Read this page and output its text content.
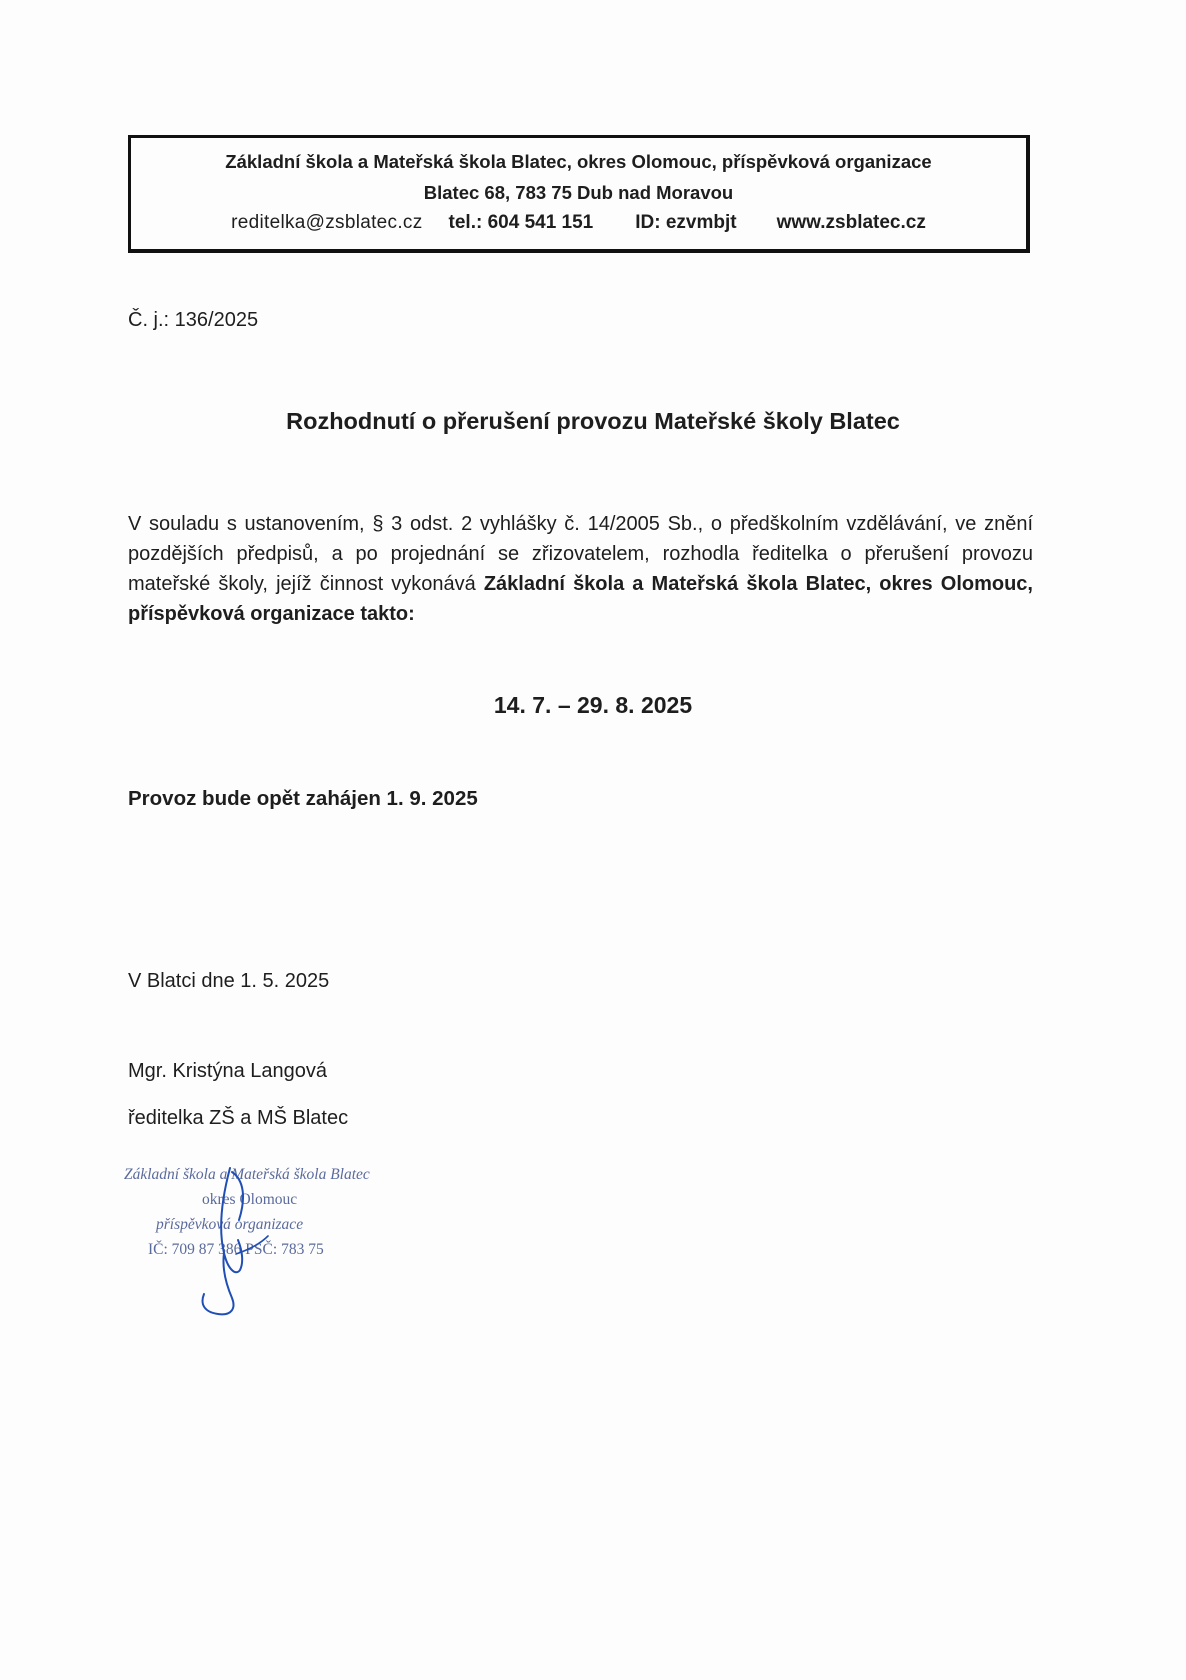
Základní škola a Mateřská škola Blatec, okres Olomouc, příspěvková organizace
Blatec 68, 783 75 Dub nad Moravou
reditelka@zsblatec.cz tel.: 604 541 151 ID: ezvmbjt www.zsblatec.cz
Č. j.: 136/2025
Rozhodnutí o přerušení provozu Mateřské školy Blatec
V souladu s ustanovením, § 3 odst. 2 vyhlášky č. 14/2005 Sb., o předškolním vzdělávání, ve znění pozdějších předpisů, a po projednání se zřizovatelem, rozhodla ředitelka o přerušení provozu mateřské školy, jejíž činnost vykonává Základní škola a Mateřská škola Blatec, okres Olomouc, příspěvková organizace takto:
14. 7. – 29. 8. 2025
Provoz bude opět zahájen 1. 9. 2025
V Blatci dne 1. 5. 2025
Mgr. Kristýna Langová
ředitelka ZŠ a MŠ Blatec
Základní škola a Mateřská škola Blatec
okres Olomouc
příspěvková organizace
IČ: 709 87 386 PSČ: 783 75
